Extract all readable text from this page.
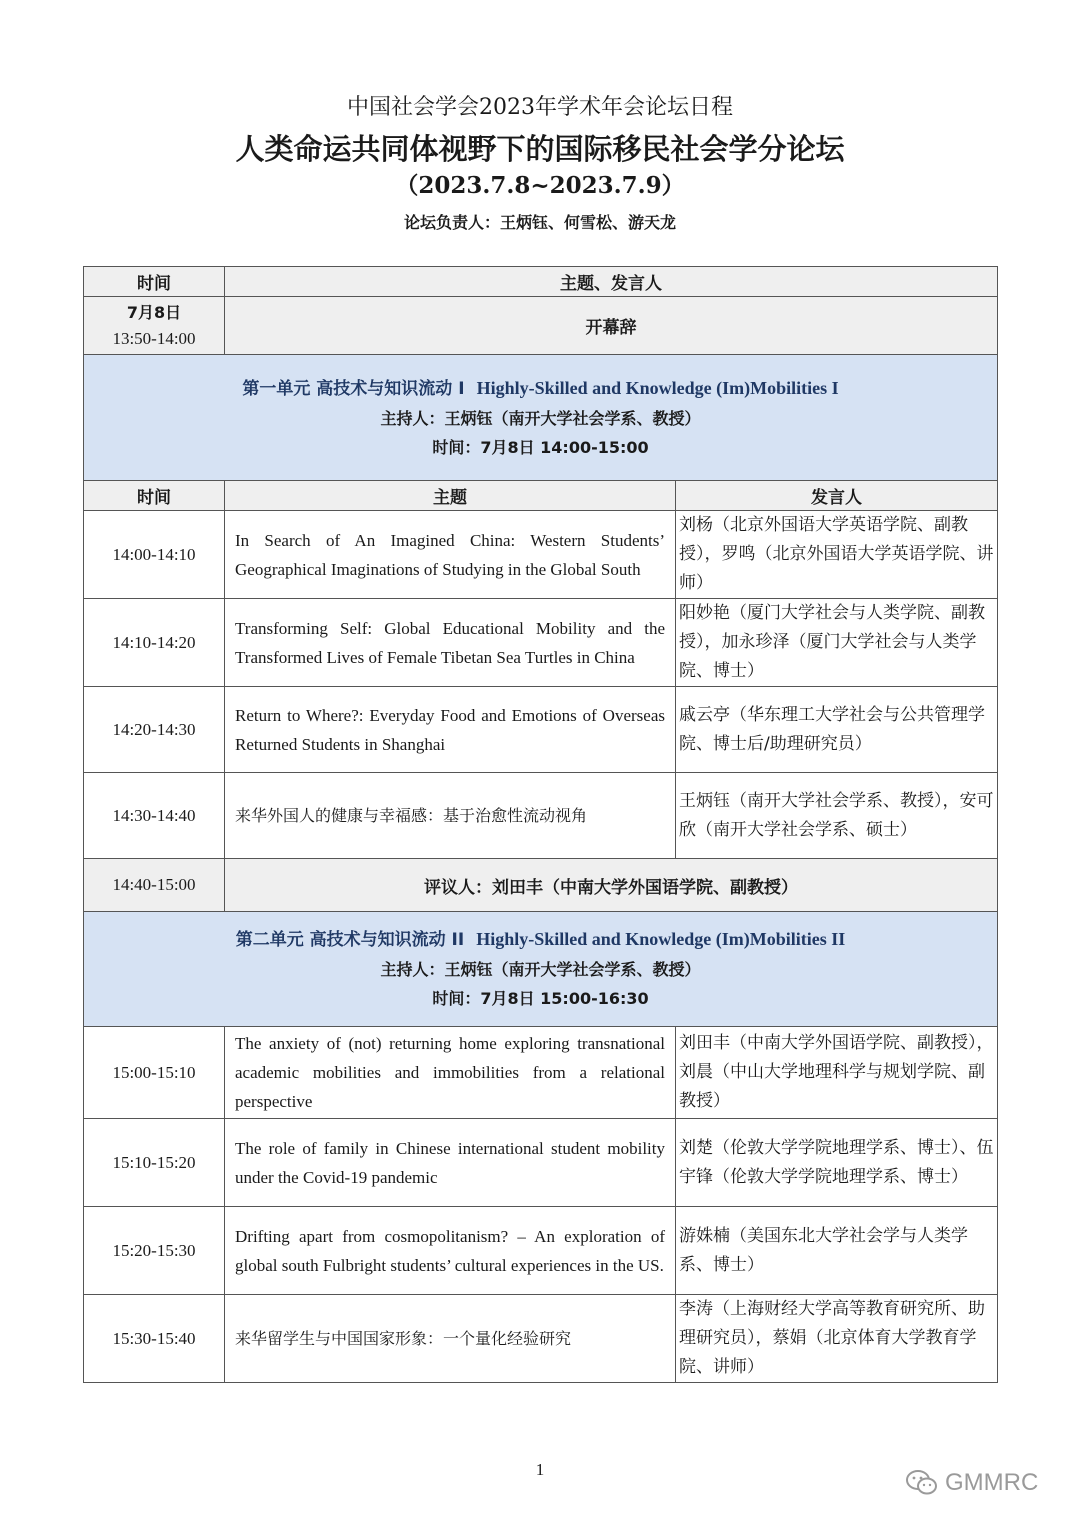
中国社会学会2023年学术年会论坛日程
人类命运共同体视野下的国际移民社会学分论坛
（2023.7.8~2023.7.9）
论坛负责人：王炳钰、何雪松、游天龙
时间	主题、发言人	

7月8日
13:50-14:00	开幕辞	

第一单元 高技术与知识流动 I Highly-Skilled and Knowledge (Im)Mobilities I
主持人：王炳钰（南开大学社会学系、教授）
时间：7月8日 14:00-15:00		

时间	主题	发言人
14:00-14:10	In Search of An Imagined China: Western Students’ Geographical Imaginations of Studying in the Global South	刘杨（北京外国语大学英语学院、副教授），罗鸣（北京外国语大学英语学院、讲师）
14:10-14:20	Transforming Self: Global Educational Mobility and the Transformed Lives of Female Tibetan Sea Turtles in China	阳妙艳（厦门大学社会与人类学院、副教授），加永珍泽（厦门大学社会与人类学院、博士）
14:20-14:30	Return to Where?: Everyday Food and Emotions of Overseas Returned Students in Shanghai	戚云亭（华东理工大学社会与公共管理学院、博士后/助理研究员）
14:30-14:40	来华外国人的健康与幸福感：基于治愈性流动视角	王炳钰（南开大学社会学系、教授），安可欣（南开大学社会学系、硕士）
14:40-15:00	评议人：刘田丰（中南大学外国语学院、副教授）	

第二单元 高技术与知识流动 II Highly-Skilled and Knowledge (Im)Mobilities II
主持人：王炳钰（南开大学社会学系、教授）
时间：7月8日 15:00-16:30		

15:00-15:10	The anxiety of (not) returning home exploring transnational academic mobilities and immobilities from a relational perspective	刘田丰（中南大学外国语学院、副教授），刘晨（中山大学地理科学与规划学院、副教授）
15:10-15:20	The role of family in Chinese international student mobility under the Covid-19 pandemic	刘楚（伦敦大学学院地理学系、博士）、伍宇锋（伦敦大学学院地理学系、博士）
15:20-15:30	Drifting apart from cosmopolitanism? – An exploration of global south Fulbright students’ cultural experiences in the US.	游姝楠（美国东北大学社会学与人类学系、博士）
15:30-15:40	来华留学生与中国国家形象：一个量化经验研究	李涛（上海财经大学高等教育研究所、助理研究员），蔡娟（北京体育大学教育学院、讲师）
1	GMMRC
